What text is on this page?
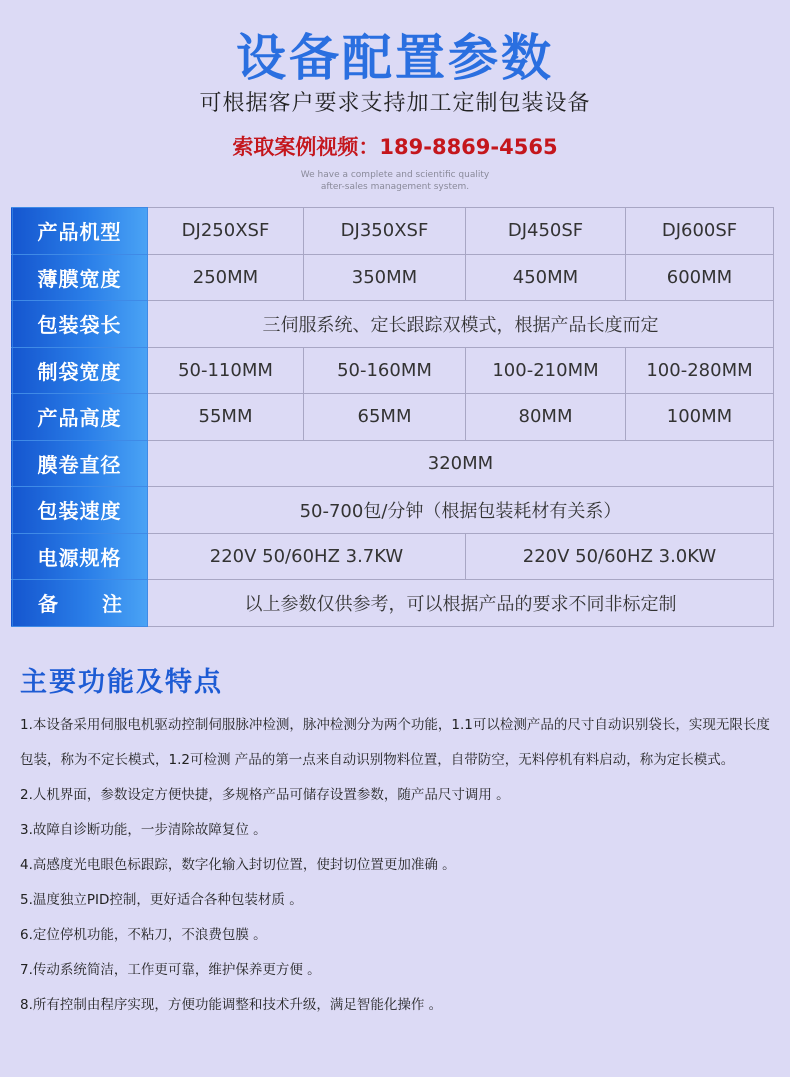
设备配置参数
可根据客户要求支持加工定制包装设备
索取案例视频：189-8869-4565
We have a complete and scientific quality
after-sales management system.
产品机型	DJ250XSF	DJ350XSF	DJ450SF	DJ600SF
薄膜宽度	250MM	350MM	450MM	600MM
包装袋长	三伺服系统、定长跟踪双模式，根据产品长度而定			
制袋宽度	50-110MM	50-160MM	100-210MM	100-280MM
产品高度	55MM	65MM	80MM	100MM
膜卷直径	320MM			
包装速度	50-700包/分钟（根据包装耗材有关系）			
电源规格	220V 50/60HZ 3.7KW		220V 50/60HZ 3.0KW	
备 注	以上参数仅供参考，可以根据产品的要求不同非标定制			
主要功能及特点
1.本设备采用伺服电机驱动控制伺服脉冲检测，脉冲检测分为两个功能，1.1可以检测产品的尺寸自动识别袋长，实现无限长度包装，称为不定长模式，1.2可检测 产品的第一点来自动识别物料位置，自带防空，无料停机有料启动，称为定长模式。
2.人机界面，参数设定方便快捷，多规格产品可储存设置参数，随产品尺寸调用 。
3.故障自诊断功能，一步清除故障复位 。
4.高感度光电眼色标跟踪，数字化输入封切位置，使封切位置更加准确 。
5.温度独立PID控制，更好适合各种包装材质 。
6.定位停机功能，不粘刀，不浪费包膜 。
7.传动系统简洁，工作更可靠，维护保养更方便 。
8.所有控制由程序实现，方便功能调整和技术升级，满足智能化操作 。
